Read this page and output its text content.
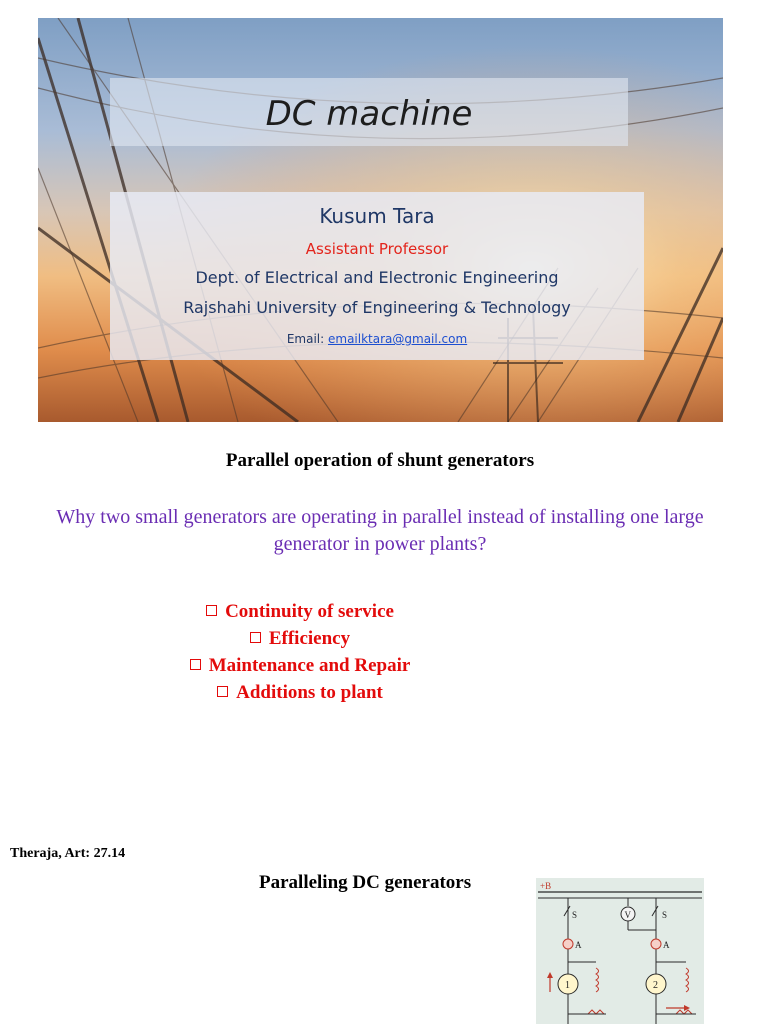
DC machine
Kusum Tara
Assistant Professor
Dept. of Electrical and Electronic Engineering
Rajshahi University of Engineering & Technology
Email: emailktara@gmail.com
Parallel operation of shunt generators
Why two small generators are operating in parallel instead of installing one large generator in power plants?
Continuity of service
Efficiency
Maintenance and Repair
Additions to plant
Theraja, Art: 27.14
Paralleling DC generators	+B
S
A
1
V	S
A
2
